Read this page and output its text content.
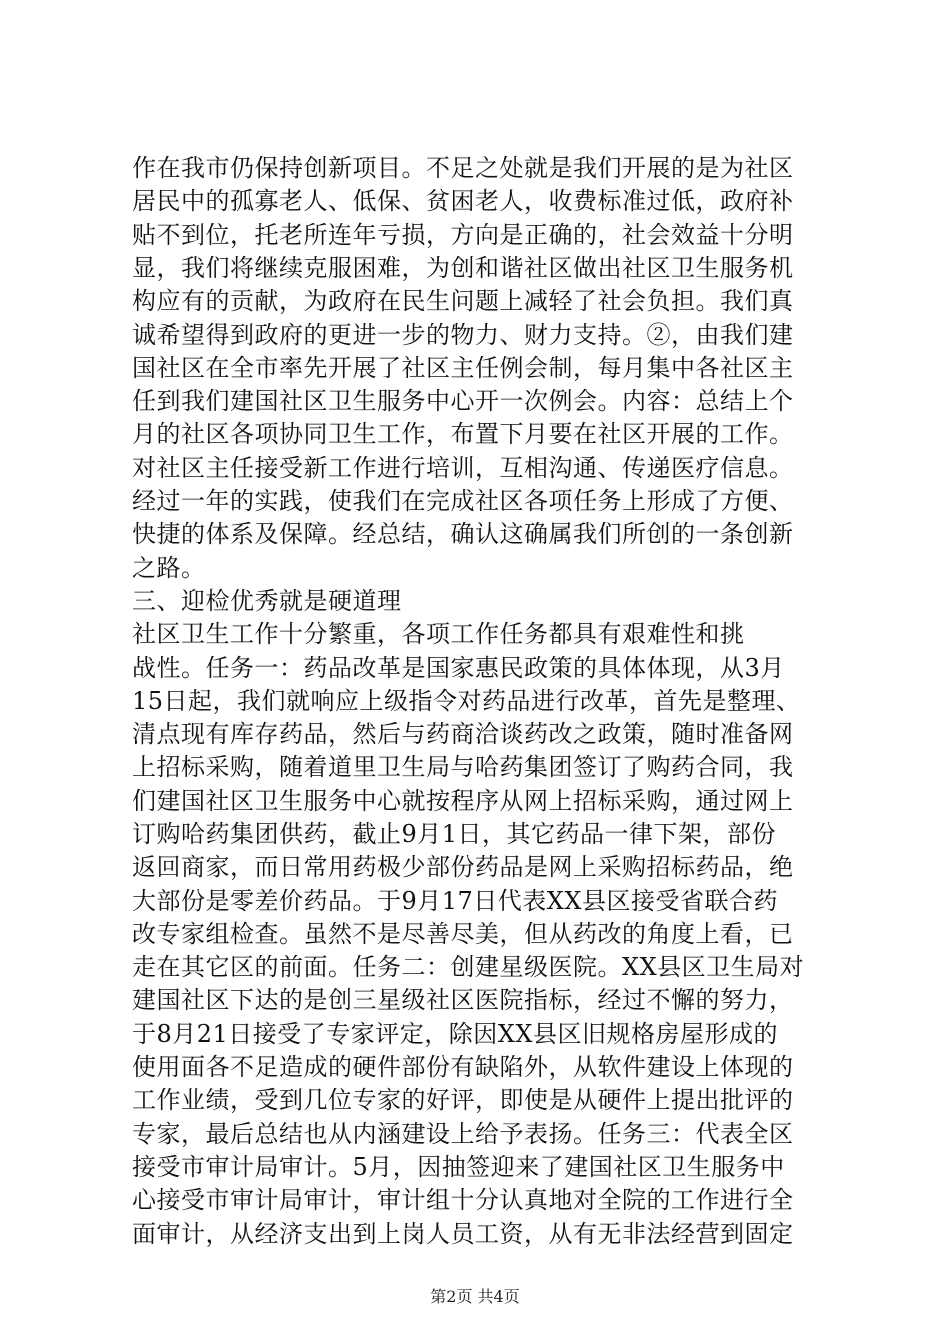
作在我市仍保持创新项目。不足之处就是我们开展的是为社区
居民中的孤寡老人、低保、贫困老人，收费标准过低，政府补
贴不到位，托老所连年亏损，方向是正确的，社会效益十分明
显，我们将继续克服困难，为创和谐社区做出社区卫生服务机
构应有的贡献，为政府在民生问题上减轻了社会负担。我们真
诚希望得到政府的更进一步的物力、财力支持。②，由我们建
国社区在全市率先开展了社区主任例会制，每月集中各社区主
任到我们建国社区卫生服务中心开一次例会。内容：总结上个
月的社区各项协同卫生工作，布置下月要在社区开展的工作。
对社区主任接受新工作进行培训，互相沟通、传递医疗信息。
经过一年的实践，使我们在完成社区各项任务上形成了方便、
快捷的体系及保障。经总结，确认这确属我们所创的一条创新
之路。
三、迎检优秀就是硬道理
社区卫生工作十分繁重，各项工作任务都具有艰难性和挑
战性。任务一：药品改革是国家惠民政策的具体体现，从3月
15日起，我们就响应上级指令对药品进行改革，首先是整理、
清点现有库存药品，然后与药商洽谈药改之政策，随时准备网
上招标采购，随着道里卫生局与哈药集团签订了购药合同，我
们建国社区卫生服务中心就按程序从网上招标采购，通过网上
订购哈药集团供药，截止9月1日，其它药品一律下架，部份
返回商家，而日常用药极少部份药品是网上采购招标药品，绝
大部份是零差价药品。于9月17日代表XX县区接受省联合药
改专家组检查。虽然不是尽善尽美，但从药改的角度上看，已
走在其它区的前面。任务二：创建星级医院。XX县区卫生局对
建国社区下达的是创三星级社区医院指标，经过不懈的努力，
于8月21日接受了专家评定，除因XX县区旧规格房屋形成的
使用面各不足造成的硬件部份有缺陷外，从软件建设上体现的
工作业绩，受到几位专家的好评，即使是从硬件上提出批评的
专家，最后总结也从内涵建设上给予表扬。任务三：代表全区
接受市审计局审计。5月，因抽签迎来了建国社区卫生服务中
心接受市审计局审计，审计组十分认真地对全院的工作进行全
面审计，从经济支出到上岗人员工资，从有无非法经营到固定
第2页 共4页
